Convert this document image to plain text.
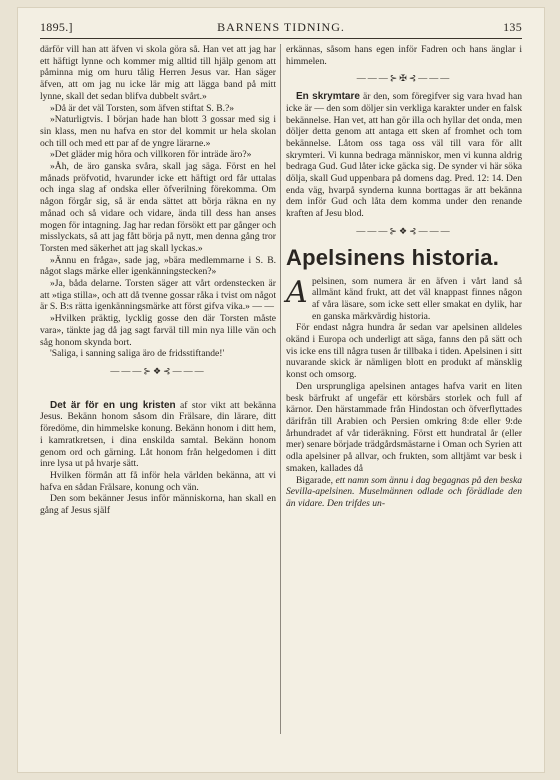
1895.]	BARNENS TIDNING.	135

därför vill han att äfven vi skola göra så. Han vet att jag har ett häftigt lynne och kommer mig alltid till hjälp genom att påminna mig om huru tålig Herren Jesus var. Han säger äfven, att om jag nu icke lär mig att lägga band på mitt lynne, skall det sedan blifva dubbelt svårt.»

»Då är det väl Torsten, som äfven stiftat S. B.?»

»Naturligtvis. I början hade han blott 3 gossar med sig i sin klass, men nu hafva en stor del kommit ur hela skolan och till och med ett par af de yngre lärarne.»

»Det gläder mig höra och villkoren för inträde äro?»

»Åh, de äro ganska svåra, skall jag säga. Först en hel månads pröfvotid, hvarunder icke ett häftigt ord får uttalas och inga slag af ondska eller öfverilning förekomma. Om någon förgår sig, så är enda sättet att börja räkna en ny månad och så vidare och vidare, ända till dess han anses mogen för intagning. Jag har redan försökt ett par gånger och misslyckats, så att jag fått börja på nytt, men denna gång tror Torsten med säkerhet att jag skall lyckas.»

»Ännu en fråga», sade jag, »bära medlemmarne i S. B. något slags märke eller igenkänningstecken?»

»Ja, båda delarne. Torsten säger att vårt ordenstecken är att »tiga stilla», och att då tvenne gossar råka i tvist om något är S. B:s rätta igenkänningsmärke att först gifva vika.» — —

»Hvilken präktig, lycklig gosse den där Torsten måste vara», tänkte jag då jag sagt farväl till min nya lille vän och såg honom skynda bort.

'Saliga, i sanning saliga äro de fridsstiftande!'

———⊱❖⊰———

Det är för en ung kristen af stor vikt att bekänna Jesus. Bekänn honom såsom din Frälsare, din lärare, ditt föredöme, din himmelske konung. Bekänn honom i ditt hem, i kamratkretsen, i dina enskilda samtal. Bekänn honom genom ord och gärning. Låt honom från helgedomen i ditt inre lysa ut på hvarje sätt.

Hvilken förmån att få inför hela världen bekänna, att vi hafva en sådan Frälsare, konung och vän.

Den som bekänner Jesus inför människorna, han skall en gång af Jesus själf

erkännas, såsom hans egen inför Fadren och hans änglar i himmelen.

———⊱✠⊰———

En skrymtare är den, som föregifver sig vara hvad han icke är — den som döljer sin verkliga karakter under en falsk bekännelse. Han vet, att han gör illa och hyllar det onda, men döljer detta genom att antaga ett sken af fromhet och tom bekännelse. Låtom oss taga oss väl till vara för allt skrymteri. Vi kunna bedraga människor, men vi kunna aldrig bedraga Gud. Gud låter icke gäcka sig. De synder vi här söka dölja, skall Gud uppenbara på domens dag. Pred. 12: 14. Den enda väg, hvarpå synderna kunna borttagas är att bekänna dem inför Gud och låta dem komma under den renande kraften af Jesu blod.

———⊱❖⊰———
Apelsinens historia.

A pelsinen, som numera är en äfven i vårt land så allmänt känd frukt, att det väl knappast finnes någon af våra läsare, som icke sett eller smakat en dylik, har en ganska märkvärdig historia.

För endast några hundra år sedan var apelsinen alldeles okänd i Europa och underligt att säga, fanns den på sätt och vis icke ens till några tusen år tillbaka i tiden. Apelsinen i sitt nuvarande skick är nämligen blott en produkt af mänsklig konst och omsorg.

Den ursprungliga apelsinen antages hafva varit en liten besk bärfrukt af ungefär ett körsbärs storlek och full af kärnor. Den härstammade från Hindostan och öfverflyttades därifrån till Arabien och Persien omkring 8:de eller 9:de århundradet af vår tideräkning. Först ett hundratal år (eller mer) senare började trädgårdsmästarne i Oman och Syrien att odla apelsiner på allvar, och frukten, som alltjämt var besk i smaken, kallades då

Bigarade, ett namn som ännu i dag begagnas på den beska Sevilla-apelsinen. Muselmännen odlade och förädlade den än vidare. Den trifdes un-
